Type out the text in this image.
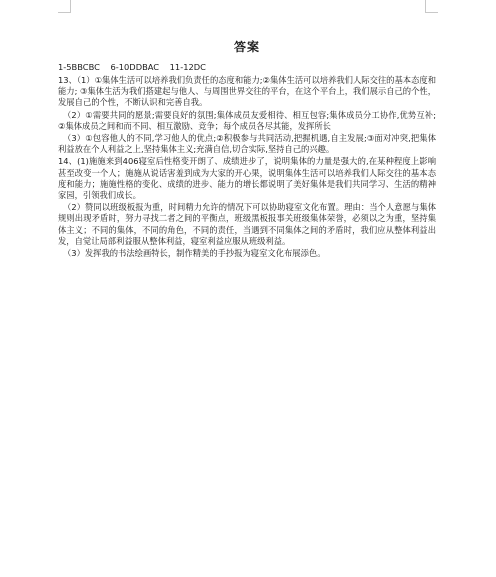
答案
1-5BBCBC    6-10DDBAC    11-12DC

13、（1）①集体生活可以培养我们负责任的态度和能力;②集体生活可以培养我们人际交往的基本态度和能力; ③集体生活为我们搭建起与他人、与周围世界交往的平台，在这个平台上，我们展示自己的个性，发展自己的个性，不断认识和完善自我。

（2）①需要共同的愿景;需要良好的氛围;集体成员友爱相待、相互包容;集体成员分工协作,优势互补;②集体成员之间和而不同、相互激励、竞争；每个成员各尽其能，发挥所长

（3）①包容他人的不同,学习他人的优点;②积极参与共同活动,把握机遇,自主发展;③面对冲突,把集体利益放在个人利益之上,坚持集体主义;充满自信,切合实际,坚持自己的兴趣。

14、(1)施施来到406寝室后性格变开朗了、成绩进步了，说明集体的力量是强大的,在某种程度上影响甚至改变一个人；施施从说话害羞到成为大家的开心果，说明集体生活可以培养我们人际交往的基本态度和能力；施施性格的变化、成绩的进步、能力的增长都说明了美好集体是我们共同学习、生活的精神家园，引领我们成长。

（2）赞同以班级板报为重，时间精力允许的情况下可以协助寝室文化布置。理由：当个人意愿与集体规则出现矛盾时，努力寻找二者之间的平衡点，班级黑板报事关班级集体荣誉，必须以之为重，坚持集体主义；不同的集体，不同的角色，不同的责任，当遇到不同集体之间的矛盾时，我们应从整体利益出发，自觉让局部利益服从整体利益，寝室利益应服从班级利益。

（3）发挥我的书法绘画特长，制作精美的手抄报为寝室文化布展添色。
